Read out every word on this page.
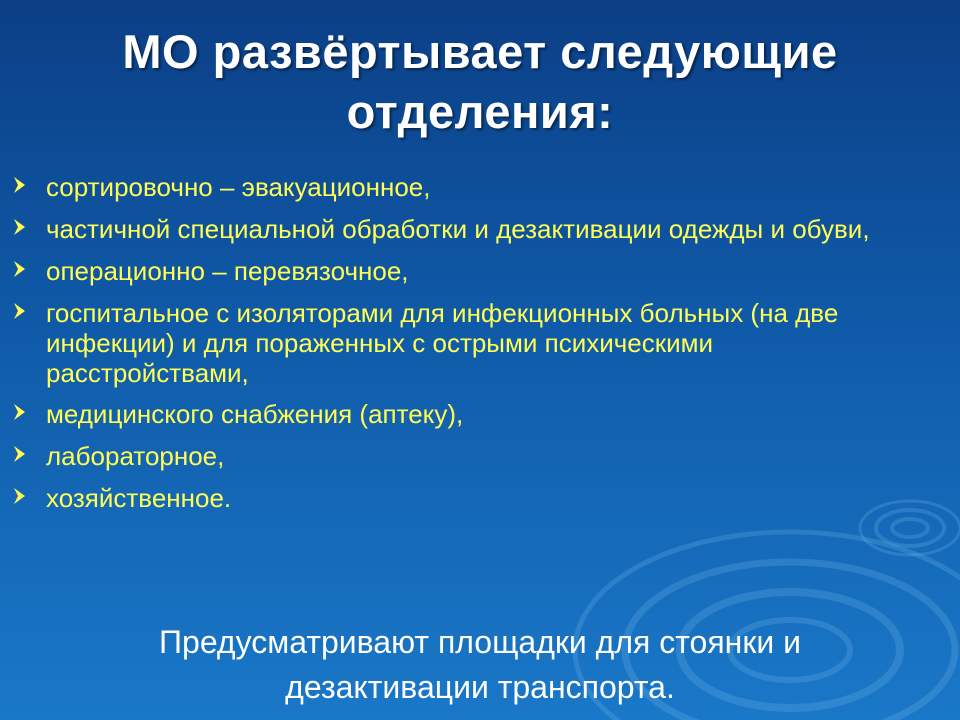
МО развёртывает следующие
отделения:
сортировочно – эвакуационное,
частичной специальной обработки и дезактивации одежды и обуви,
операционно – перевязочное,
госпитальное с изоляторами для инфекционных больных (на две инфекции) и для пораженных с острыми психическими расстройствами,
медицинского снабжения (аптеку),
лабораторное,
хозяйственное.
Предусматривают площадки для стоянки и
дезактивации транспорта.
